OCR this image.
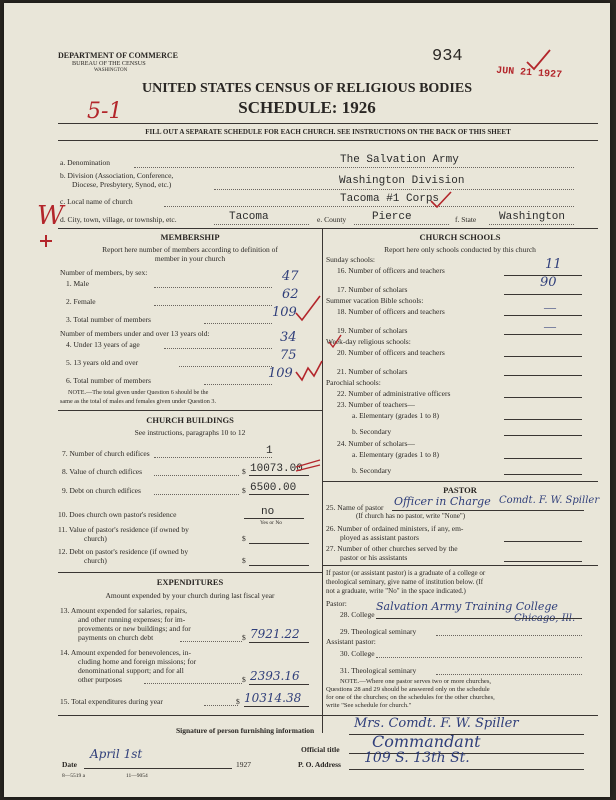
DEPARTMENT OF COMMERCE
BUREAU OF THE CENSUS
WASHINGTON
934
JUN 21 1927
UNITED STATES CENSUS OF RELIGIOUS BODIES
SCHEDULE: 1926
5-1
W
FILL OUT A SEPARATE SCHEDULE FOR EACH CHURCH. SEE INSTRUCTIONS ON THE BACK OF THIS SHEET
a. Denomination	The Salvation Army
b. Division (Association, Conference,
Diocese, Presbytery, Synod, etc.)	Washington Division
c. Local name of church	Tacoma #1 Corps
d. City, town, village, or township, etc.	Tacoma	e. County Pierce	f. State Washington
MEMBERSHIP
Report here number of members according to definition of
member in your church
Number of members, by sex:
1. Male	47
2. Female	62
3. Total number of members	109
Number of members under and over 13 years old:
4. Under 13 years of age	34
5. 13 years old and over	75
6. Total number of members	109
NOTE.—The total given under Question 6 should be the
same as the total of males and females given under Question 3.
CHURCH BUILDINGS
See instructions, paragraphs 10 to 12
7. Number of church edifices	1
8. Value of church edifices	$ 10073.00
9. Debt on church edifices	$ 6500.00
10. Does church own pastor's residence	no
Yes or No
11. Value of pastor's residence (if owned by
church)	$
12. Debt on pastor's residence (if owned by
church)	$
EXPENDITURES
Amount expended by your church during last fiscal year
13. Amount expended for salaries, repairs,
and other running expenses; for im-
provements or new buildings; and for
payments on church debt	$ 7921.22
14. Amount expended for benevolences, in-
cluding home and foreign missions; for
denominational support; and for all
other purposes	$ 2393.16
15. Total expenditures during year	$ 10314.38
CHURCH SCHOOLS
Report here only schools conducted by this church
Sunday schools:
16. Number of officers and teachers	11
17. Number of scholars	90
Summer vacation Bible schools:
18. Number of officers and teachers	—
19. Number of scholars	—
Week-day religious schools:
20. Number of officers and teachers
21. Number of scholars
Parochial schools:
22. Number of administrative officers
23. Number of teachers—
a. Elementary (grades 1 to 8)
b. Secondary
24. Number of scholars—
a. Elementary (grades 1 to 8)
b. Secondary
PASTOR
25. Name of pastor Officer in Charge Comdt. F. W. Spiller
(If church has no pastor, write "None")
26. Number of ordained ministers, if any, em-
ployed as assistant pastors
27. Number of other churches served by the
pastor or his assistants
If pastor (or assistant pastor) is a graduate of a college or
theological seminary, give name of institution below. (If
not a graduate, write "No" in the space indicated.)
Pastor:
28. College
Salvation Army Training College
Chicago, Ill.
29. Theological seminary
Assistant pastor:
30. College
31. Theological seminary
NOTE.—Where one pastor serves two or more churches,
Questions 28 and 29 should be answered only on the schedule
for one of the churches; on the schedules for the other churches,
write "See schedule for church."
Signature of person furnishing information	Mrs. Comdt. F. W. Spiller
Official title Commandant
Date
April 1st
1927	P. O. Address 109 S. 13th St.
8—5519 a	11—9054
